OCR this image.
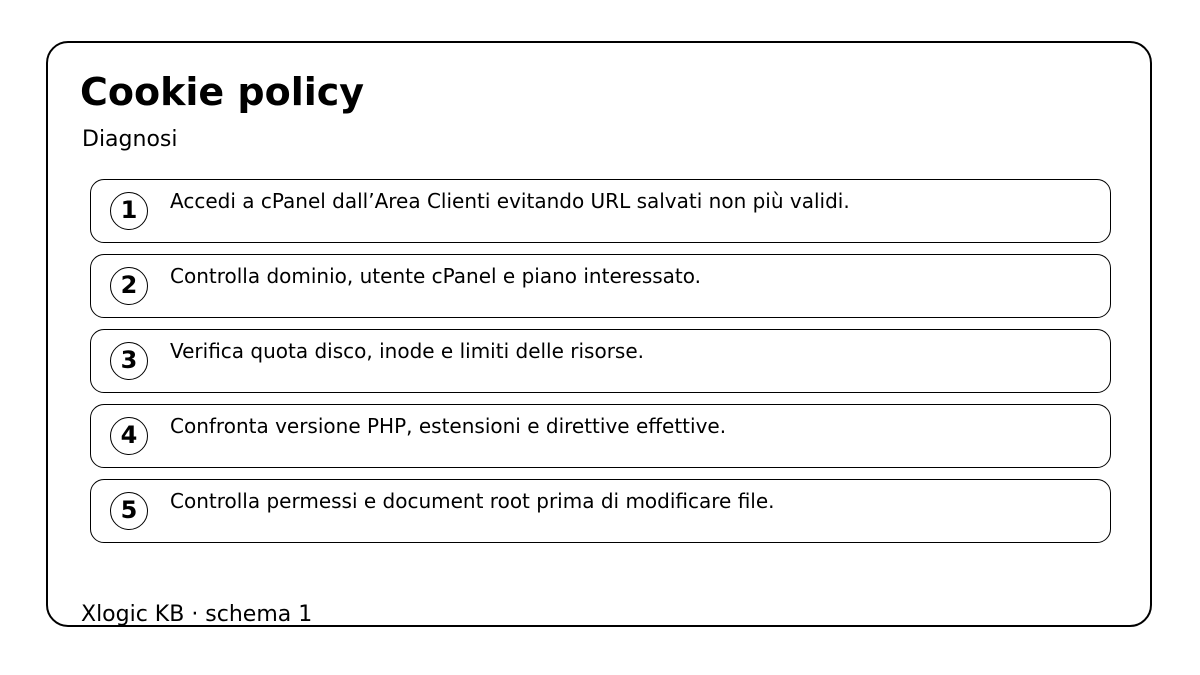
Cookie policy
Diagnosi
1	Accedi a cPanel dall’Area Clienti evitando URL salvati non più validi.
2	Controlla dominio, utente cPanel e piano interessato.
3	Verifica quota disco, inode e limiti delle risorse.
4	Confronta versione PHP, estensioni e direttive effettive.
5	Controlla permessi e document root prima di modificare file.
Xlogic KB · schema 1
